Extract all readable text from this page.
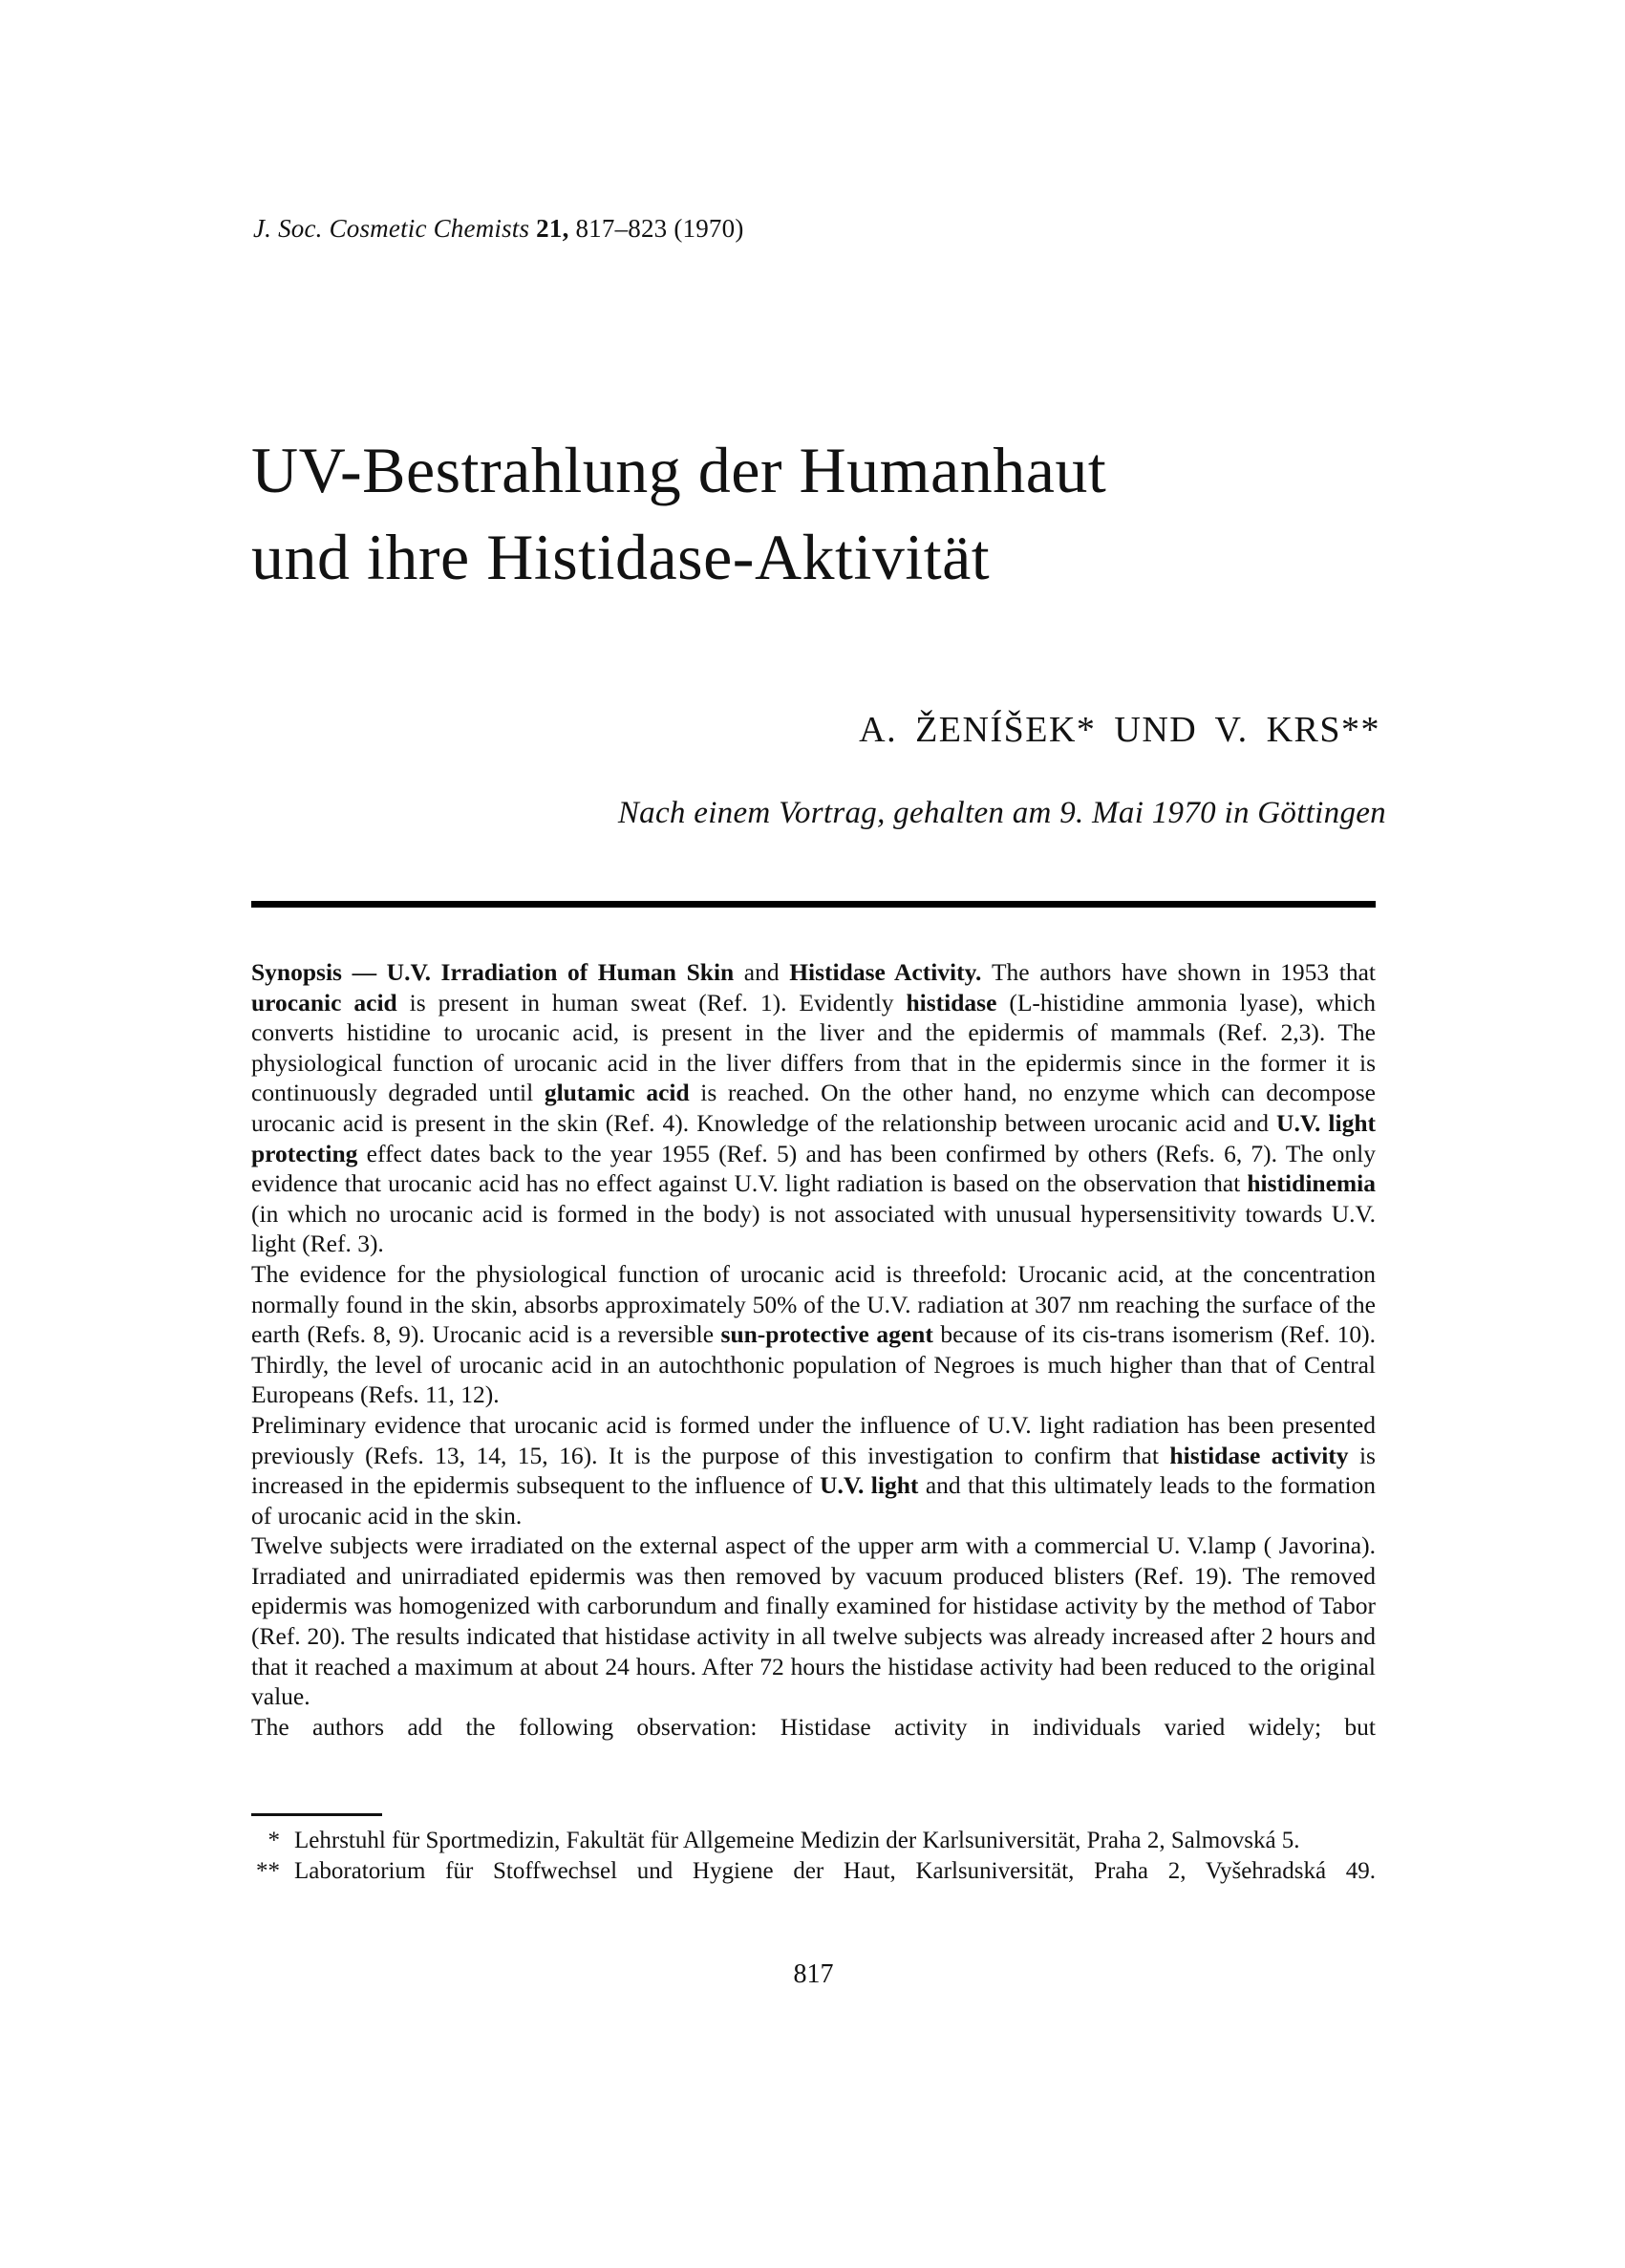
J. Soc. Cosmetic Chemists 21, 817–823 (1970)
UV-Bestrahlung der Humanhaut
und ihre Histidase-Aktivität
A. ŽENÍŠEK* UND V. KRS**
Nach einem Vortrag, gehalten am 9. Mai 1970 in Göttingen

Synopsis — U.V. Irradiation of Human Skin and Histidase Activity. The authors have shown in 1953 that urocanic acid is present in human sweat (Ref. 1). Evidently histidase (L-histidine ammonia lyase), which converts histidine to urocanic acid, is present in the liver and the epidermis of mammals (Ref. 2,3). The physiological function of urocanic acid in the liver differs from that in the epidermis since in the former it is continuously degraded until glutamic acid is reached. On the other hand, no enzyme which can decompose urocanic acid is present in the skin (Ref. 4). Knowledge of the relationship between urocanic acid and U.V. light protecting effect dates back to the year 1955 (Ref. 5) and has been confirmed by others (Refs. 6, 7). The only evidence that urocanic acid has no effect against U.V. light radiation is based on the observation that histidinemia (in which no urocanic acid is formed in the body) is not associated with unusual hypersensitivity towards U.V. light (Ref. 3).

The evidence for the physiological function of urocanic acid is threefold: Urocanic acid, at the concentration normally found in the skin, absorbs approximately 50% of the U.V. radiation at 307 nm reaching the surface of the earth (Refs. 8, 9). Urocanic acid is a reversible sun-protective agent because of its cis-trans isomerism (Ref. 10). Thirdly, the level of urocanic acid in an autochthonic population of Negroes is much higher than that of Central Europeans (Refs. 11, 12).

Preliminary evidence that urocanic acid is formed under the influence of U.V. light radiation has been presented previously (Refs. 13, 14, 15, 16). It is the purpose of this investigation to confirm that histidase activity is increased in the epidermis subsequent to the influence of U.V. light and that this ultimately leads to the formation of urocanic acid in the skin.

Twelve subjects were irradiated on the external aspect of the upper arm with a commercial U. V.lamp ( Javorina). Irradiated and unirradiated epidermis was then removed by vacuum produced blisters (Ref. 19). The removed epidermis was homogenized with carborundum and finally examined for histidase activity by the method of Tabor (Ref. 20). The results indicated that histidase activity in all twelve subjects was already increased after 2 hours and that it reached a maximum at about 24 hours. After 72 hours the histidase activity had been reduced to the original value.

The authors add the following observation: Histidase activity in individuals varied widely; but

* Lehrstuhl für Sportmedizin, Fakultät für Allgemeine Medizin der Karlsuniversität, Praha 2, Salmovská 5.
** Laboratorium für Stoffwechsel und Hygiene der Haut, Karlsuniversität, Praha 2, Vyšehradská 49.
817
